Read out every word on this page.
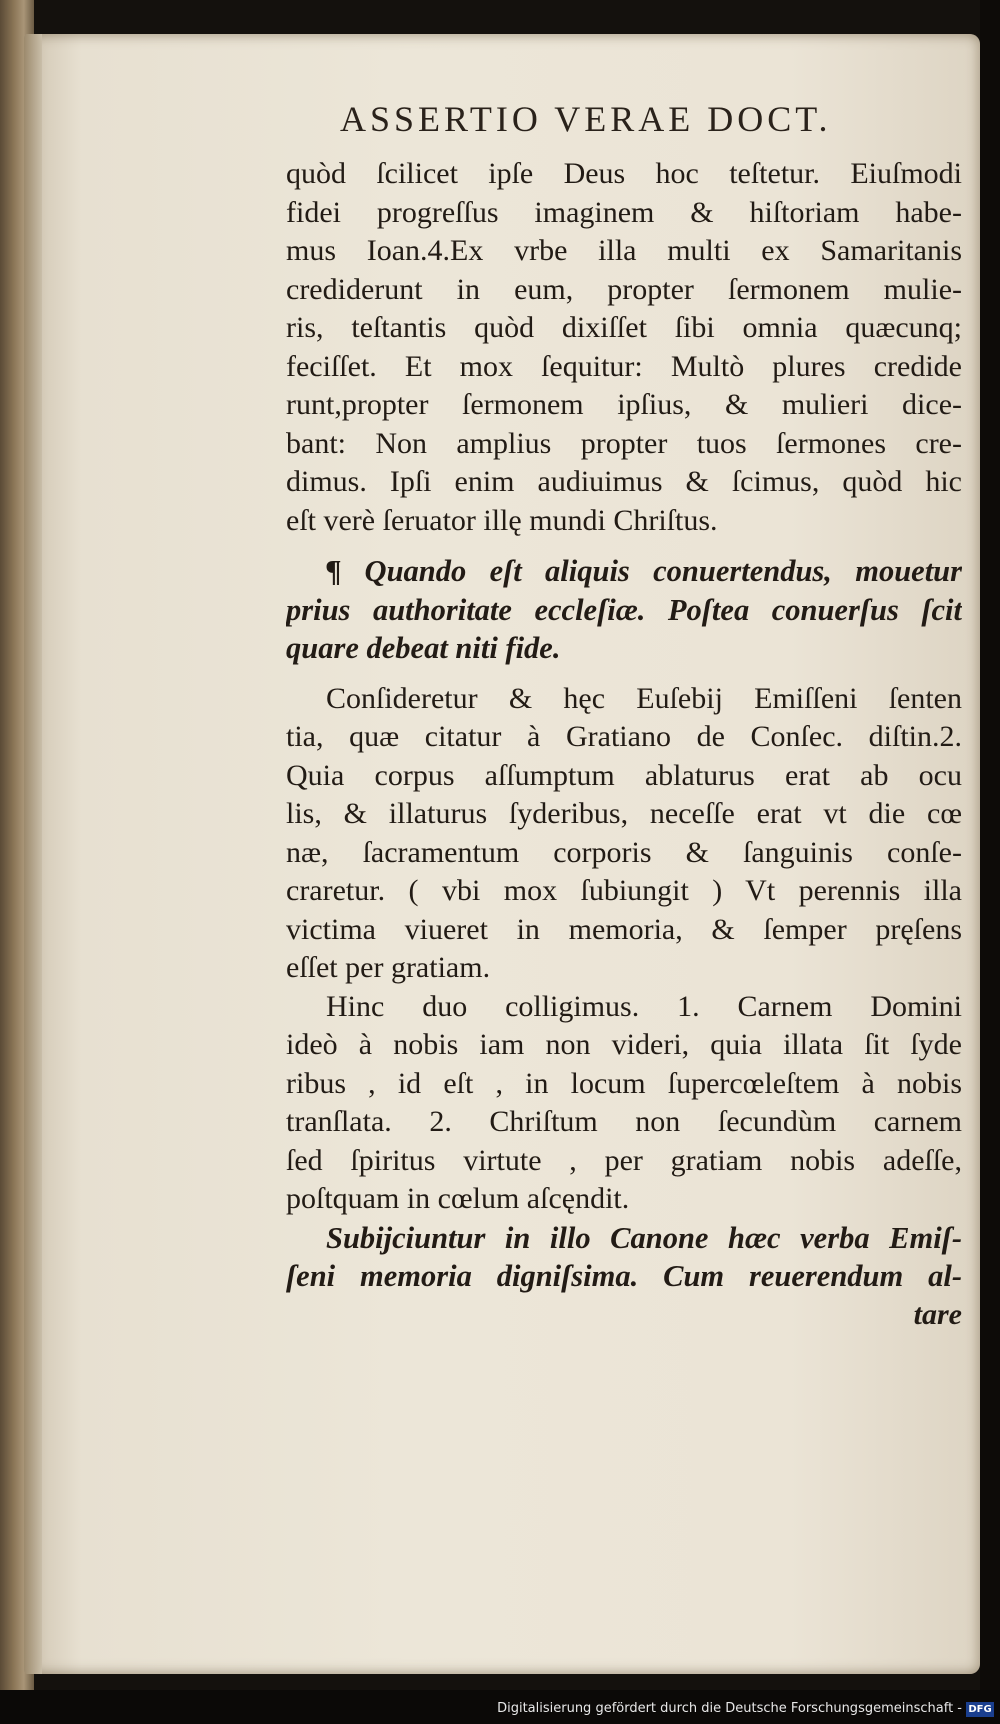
ASSERTIO VERAE DOCT.
quòd ſcilicet ipſe Deus hoc teſtetur. Eiuſmodi
fidei progreſſus imaginem & hiſtoriam habe‐
mus Ioan.4.Ex vrbe illa multi ex Samaritanis
crediderunt in eum, propter ſermonem mulie‐
ris, teſtantis quòd dixiſſet ſibi omnia quæcunq;
feciſſet. Et mox ſequitur: Multò plures credide
runt,propter ſermonem ipſius, & mulieri dice‐
bant: Non amplius propter tuos ſermones cre‐
dimus. Ipſi enim audiuimus & ſcimus, quòd hic
eſt verè ſeruator illę mundi Chriſtus.
¶ Quando eſt aliquis conuertendus, mouetur
prius authoritate eccleſiæ. Poſtea conuerſus ſcit
quare debeat niti fide.
Conſideretur & hęc Euſebij Emiſſeni ſenten
tia, quæ citatur à Gratiano de Conſec. diſtin.2.
Quia corpus aſſumptum ablaturus erat ab ocu
lis, & illaturus ſyderibus, neceſſe erat vt die cœ
næ, ſacramentum corporis & ſanguinis conſe‐
craretur. ( vbi mox ſubiungit ) Vt perennis illa
victima viueret in memoria, & ſemper pręſens
eſſet per gratiam.
Hinc duo colligimus. 1. Carnem Domini
ideò à nobis iam non videri, quia illata ſit ſyde
ribus , id eſt , in locum ſupercœleſtem à nobis
tranſlata. 2. Chriſtum non ſecundùm carnem
ſed ſpiritus virtute , per gratiam nobis adeſſe,
poſtquam in cœlum aſcęndit.
Subijciuntur in illo Canone hæc verba Emiſ‐
ſeni memoria digniſsima. Cum reuerendum al‐
tare
Digitalisierung gefördert durch die Deutsche Forschungsgemeinschaft - DFG
